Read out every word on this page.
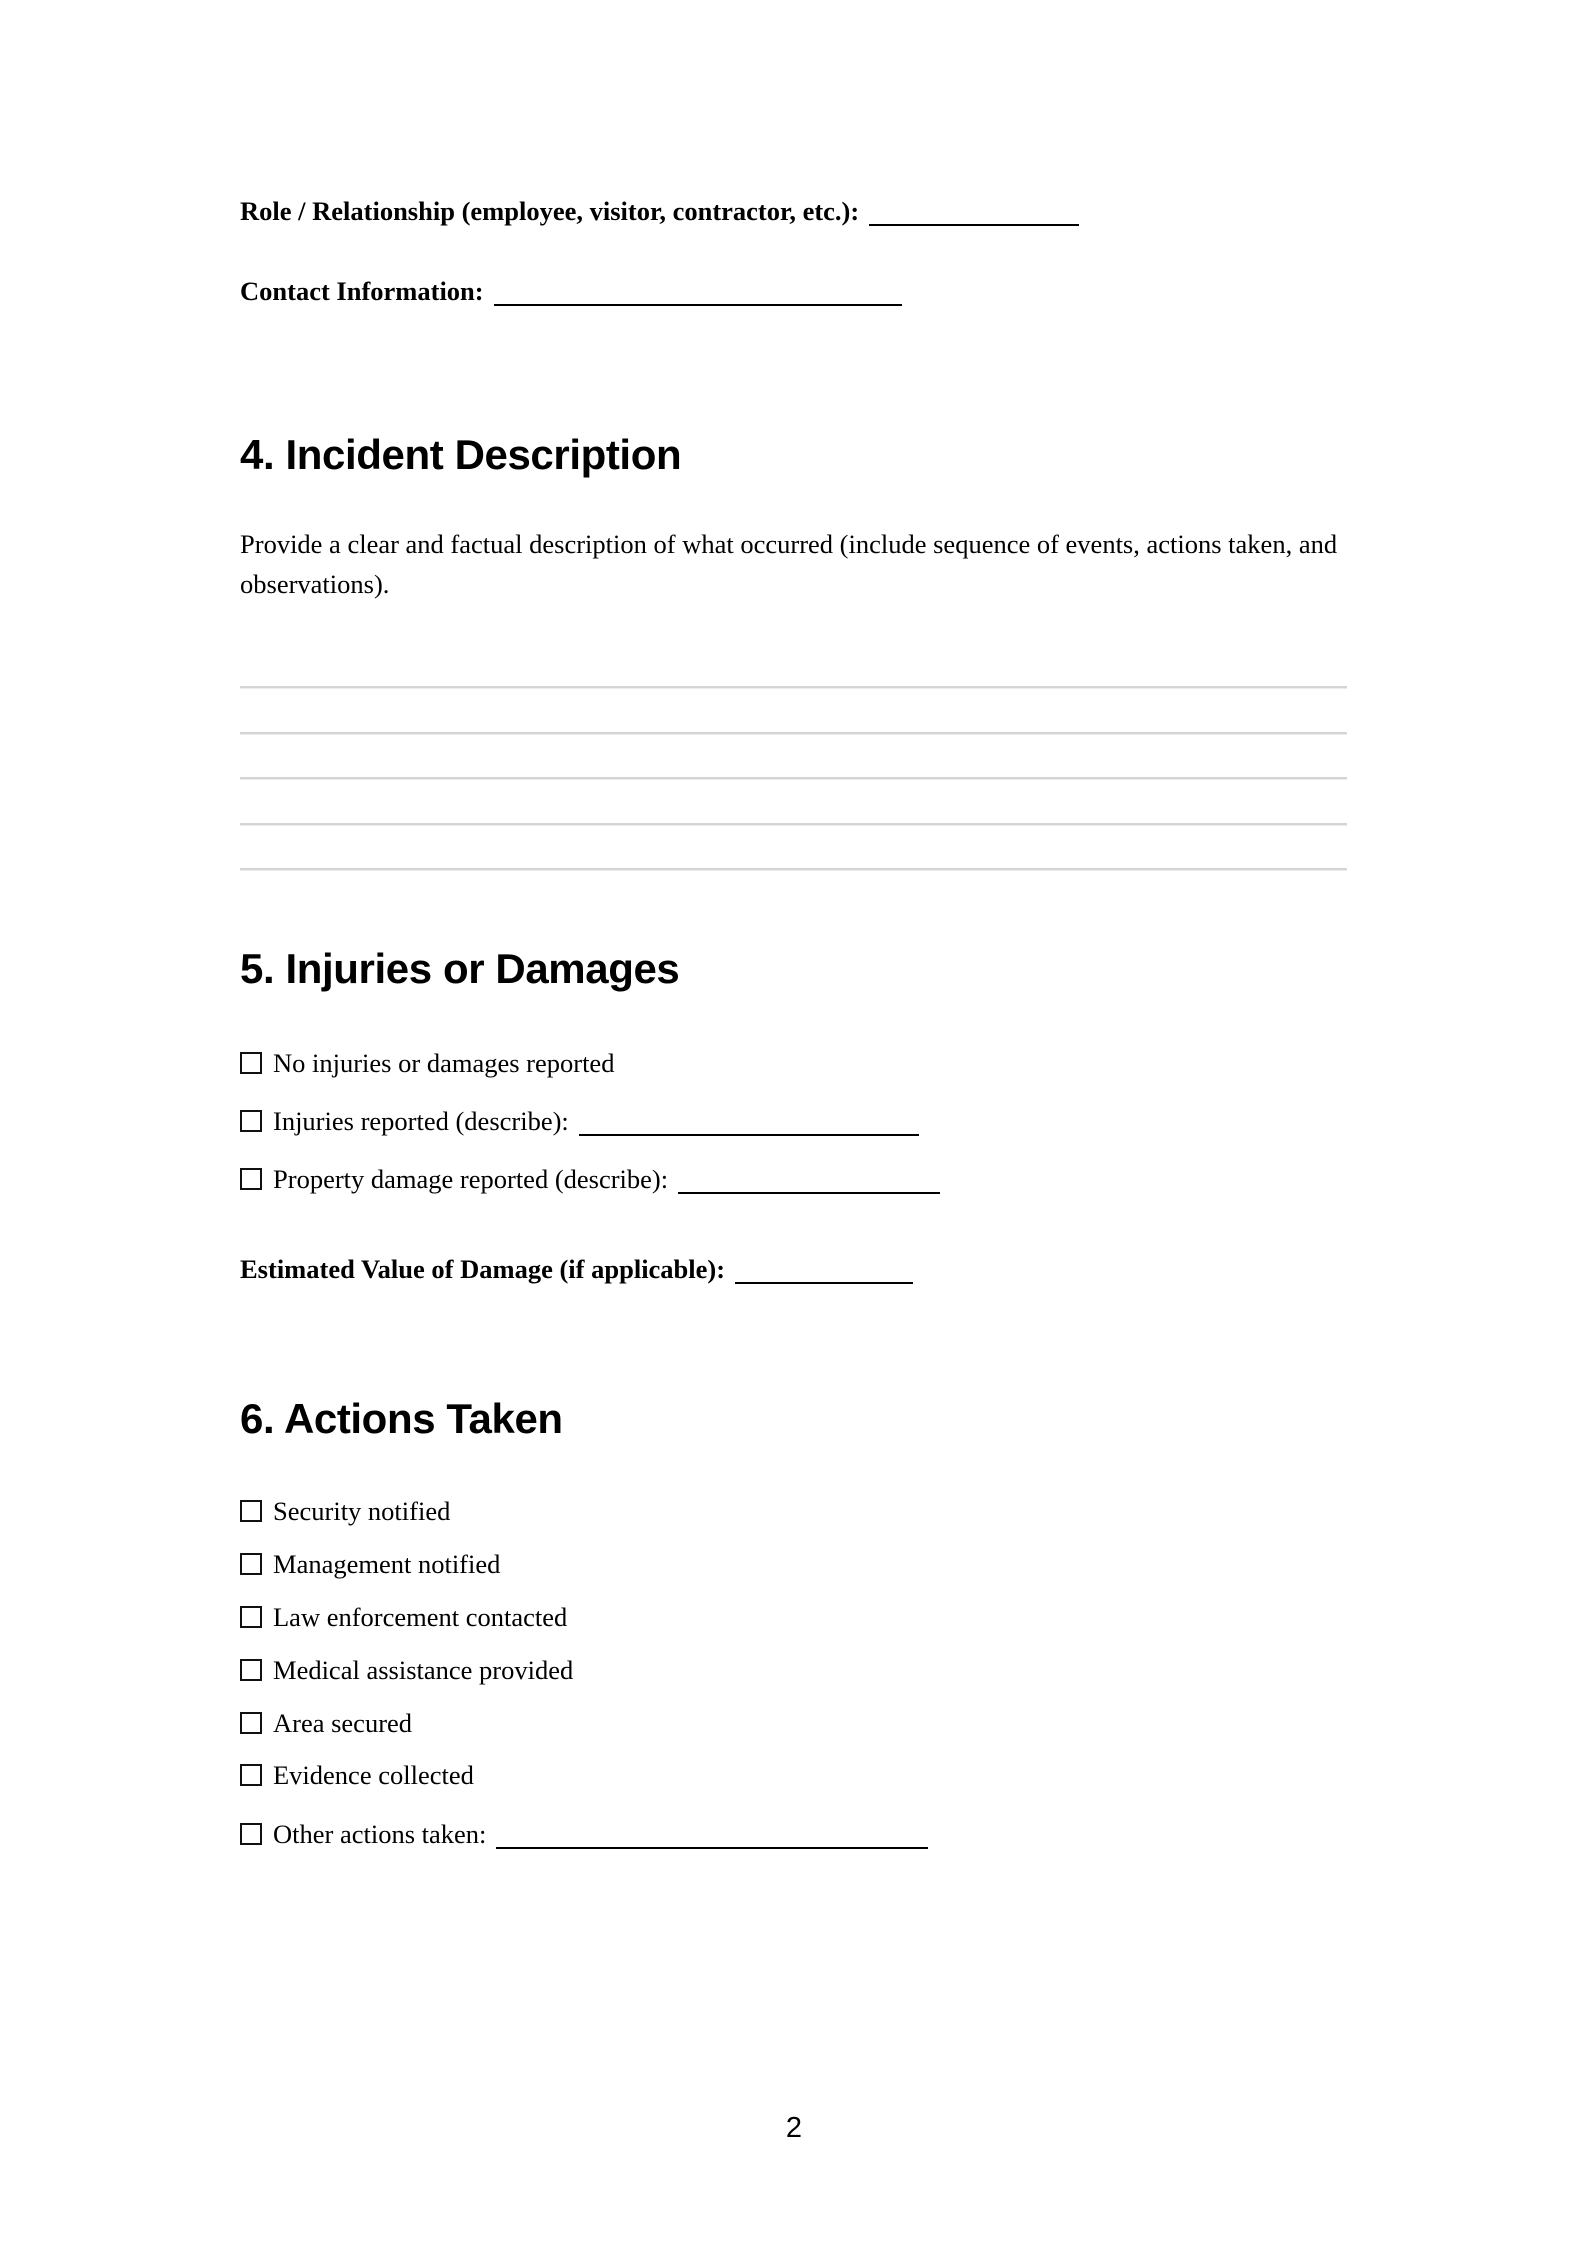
Role / Relationship (employee, visitor, contractor, etc.):
Contact Information:
4. Incident Description
Provide a clear and factual description of what occurred (include sequence of events, actions taken, and observations).
5. Injuries or Damages
No injuries or damages reported
Injuries reported (describe):
Property damage reported (describe):
Estimated Value of Damage (if applicable):
6. Actions Taken
Security notified
Management notified
Law enforcement contacted
Medical assistance provided
Area secured
Evidence collected
Other actions taken:
2
